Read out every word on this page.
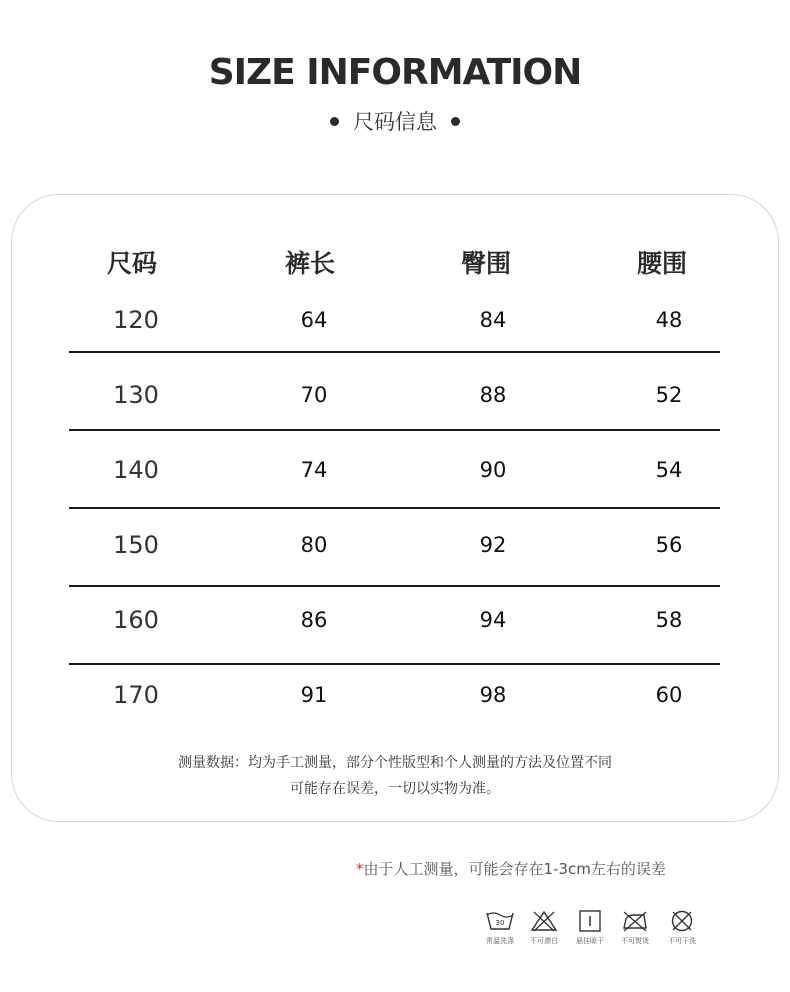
SIZE INFORMATION
尺码信息
尺码	裤长	臀围	腰围
120	64	84	48
130	70	88	52
140	74	90	54
150	80	92	56
160	86	94	58
170	91	98	60
测量数据：均为手工测量，部分个性版型和个人测量的方法及位置不同
可能存在误差，一切以实物为准。
*由于人工测量，可能会存在1-3cm左右的误差
30
常温洗涤	不可漂白	悬挂晾干	不可熨烫	不可干洗
